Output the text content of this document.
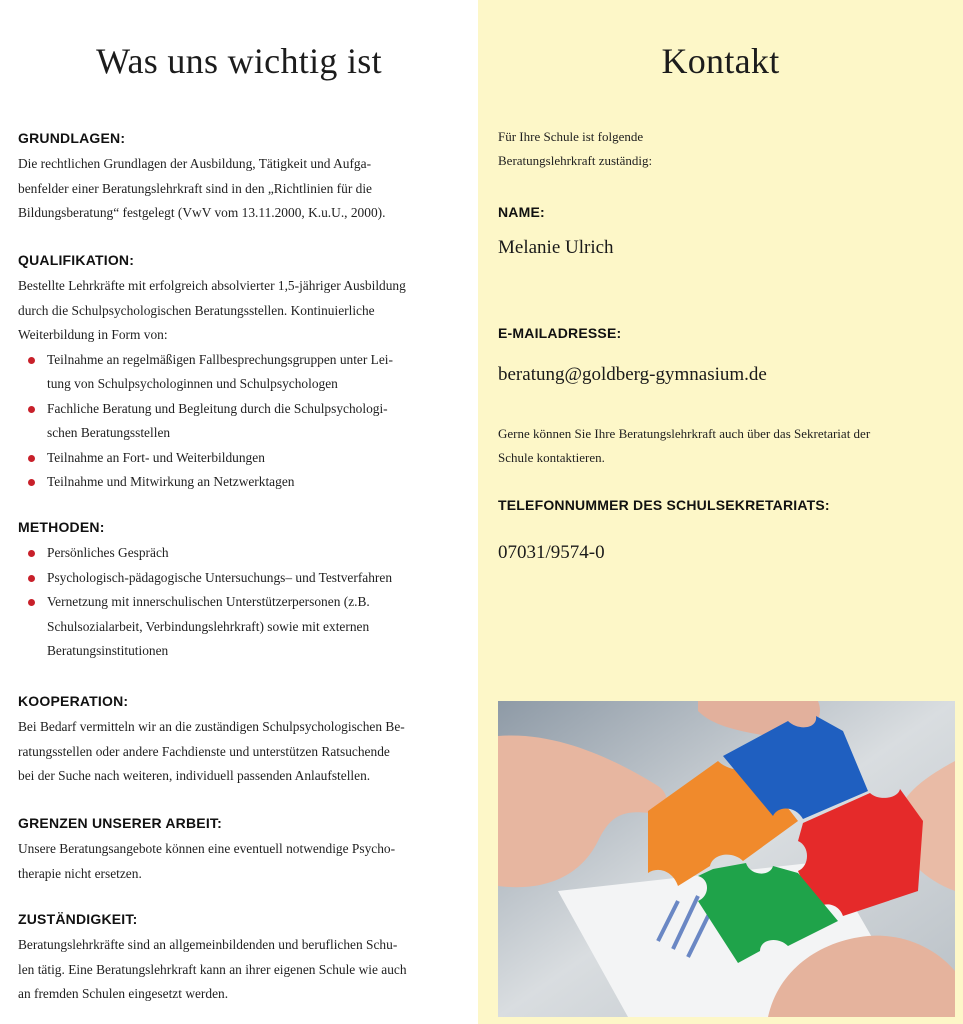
Was uns wichtig ist
GRUNDLAGEN:
Die rechtlichen Grundlagen der Ausbildung, Tätigkeit und Aufga-
benfelder einer Beratungslehrkraft sind in den „Richtlinien für die
Bildungsberatung“ festgelegt (VwV vom 13.11.2000, K.u.U., 2000).
QUALIFIKATION:
Bestellte Lehrkräfte mit erfolgreich absolvierter 1,5-jähriger Ausbildung
durch die Schulpsychologischen Beratungsstellen. Kontinuierliche
Weiterbildung in Form von:
Teilnahme an regelmäßigen Fallbesprechungsgruppen unter Lei-
tung von Schulpsychologinnen und Schulpsychologen
Fachliche Beratung und Begleitung durch die Schulpsychologi-
schen Beratungsstellen
Teilnahme an Fort- und Weiterbildungen
Teilnahme und Mitwirkung an Netzwerktagen
METHODEN:
Persönliches Gespräch
Psychologisch-pädagogische Untersuchungs– und Testverfahren
Vernetzung mit innerschulischen Unterstützerpersonen (z.B.
Schulsozialarbeit, Verbindungslehrkraft) sowie mit externen
Beratungsinstitutionen
KOOPERATION:
Bei Bedarf vermitteln wir an die zuständigen Schulpsychologischen Be-
ratungsstellen oder andere Fachdienste und unterstützen Ratsuchende
bei der Suche nach weiteren, individuell passenden Anlaufstellen.
GRENZEN UNSERER ARBEIT:
Unsere Beratungsangebote können eine eventuell notwendige Psycho-
therapie nicht ersetzen.
ZUSTÄNDIGKEIT:
Beratungslehrkräfte sind an allgemeinbildenden und beruflichen Schu-
len tätig. Eine Beratungslehrkraft kann an ihrer eigenen Schule wie auch
an fremden Schulen eingesetzt werden.
Kontakt
Für Ihre Schule ist folgende
Beratungslehrkraft zuständig:
NAME:
Melanie Ulrich
E-MAILADRESSE:
beratung@goldberg-gymnasium.de
Gerne können Sie Ihre Beratungslehrkraft auch über das Sekretariat der
Schule kontaktieren.
TELEFONNUMMER DES SCHULSEKRETARIATS:
07031/9574-0
